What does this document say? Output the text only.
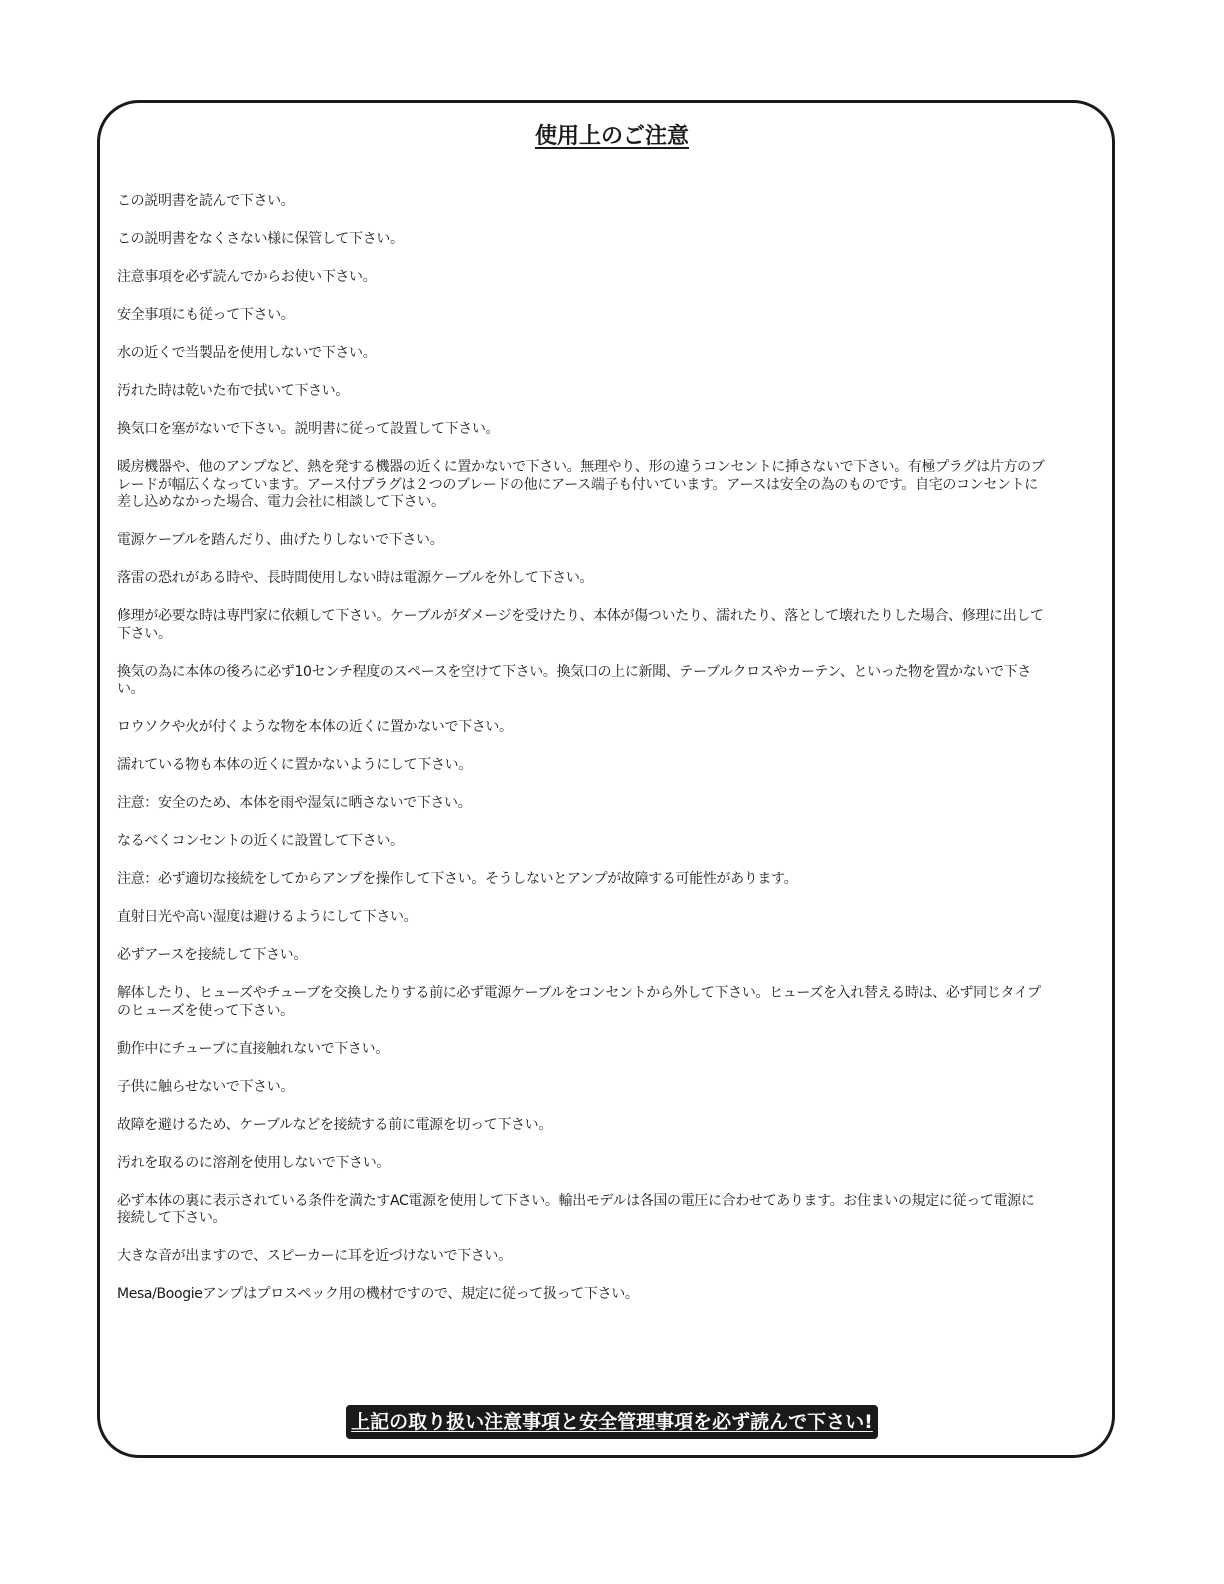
使用上のご注意
この説明書を読んで下さい。
この説明書をなくさない様に保管して下さい。
注意事項を必ず読んでからお使い下さい。
安全事項にも従って下さい。
水の近くで当製品を使用しないで下さい。
汚れた時は乾いた布で拭いて下さい。
換気口を塞がないで下さい。説明書に従って設置して下さい。
暖房機器や、他のアンプなど、熱を発する機器の近くに置かないで下さい。無理やり、形の違うコンセントに挿さないで下さい。有極プラグは片方のブレードが幅広くなっています。アース付プラグは２つのブレードの他にアース端子も付いています。アースは安全の為のものです。自宅のコンセントに差し込めなかった場合、電力会社に相談して下さい。
電源ケーブルを踏んだり、曲げたりしないで下さい。
落雷の恐れがある時や、長時間使用しない時は電源ケーブルを外して下さい。
修理が必要な時は専門家に依頼して下さい。ケーブルがダメージを受けたり、本体が傷ついたり、濡れたり、落として壊れたりした場合、修理に出して下さい。
換気の為に本体の後ろに必ず10センチ程度のスペースを空けて下さい。換気口の上に新聞、テーブルクロスやカーテン、といった物を置かないで下さい。
ロウソクや火が付くような物を本体の近くに置かないで下さい。
濡れている物も本体の近くに置かないようにして下さい。
注意：安全のため、本体を雨や湿気に晒さないで下さい。
なるべくコンセントの近くに設置して下さい。
注意：必ず適切な接続をしてからアンプを操作して下さい。そうしないとアンプが故障する可能性があります。
直射日光や高い湿度は避けるようにして下さい。
必ずアースを接続して下さい。
解体したり、ヒューズやチューブを交換したりする前に必ず電源ケーブルをコンセントから外して下さい。ヒューズを入れ替える時は、必ず同じタイプのヒューズを使って下さい。
動作中にチューブに直接触れないで下さい。
子供に触らせないで下さい。
故障を避けるため、ケーブルなどを接続する前に電源を切って下さい。
汚れを取るのに溶剤を使用しないで下さい。
必ず本体の裏に表示されている条件を満たすAC電源を使用して下さい。輸出モデルは各国の電圧に合わせてあります。お住まいの規定に従って電源に接続して下さい。
大きな音が出ますので、スピーカーに耳を近づけないで下さい。
Mesa/Boogieアンプはプロスペック用の機材ですので、規定に従って扱って下さい。
上記の取り扱い注意事項と安全管理事項を必ず読んで下さい!
